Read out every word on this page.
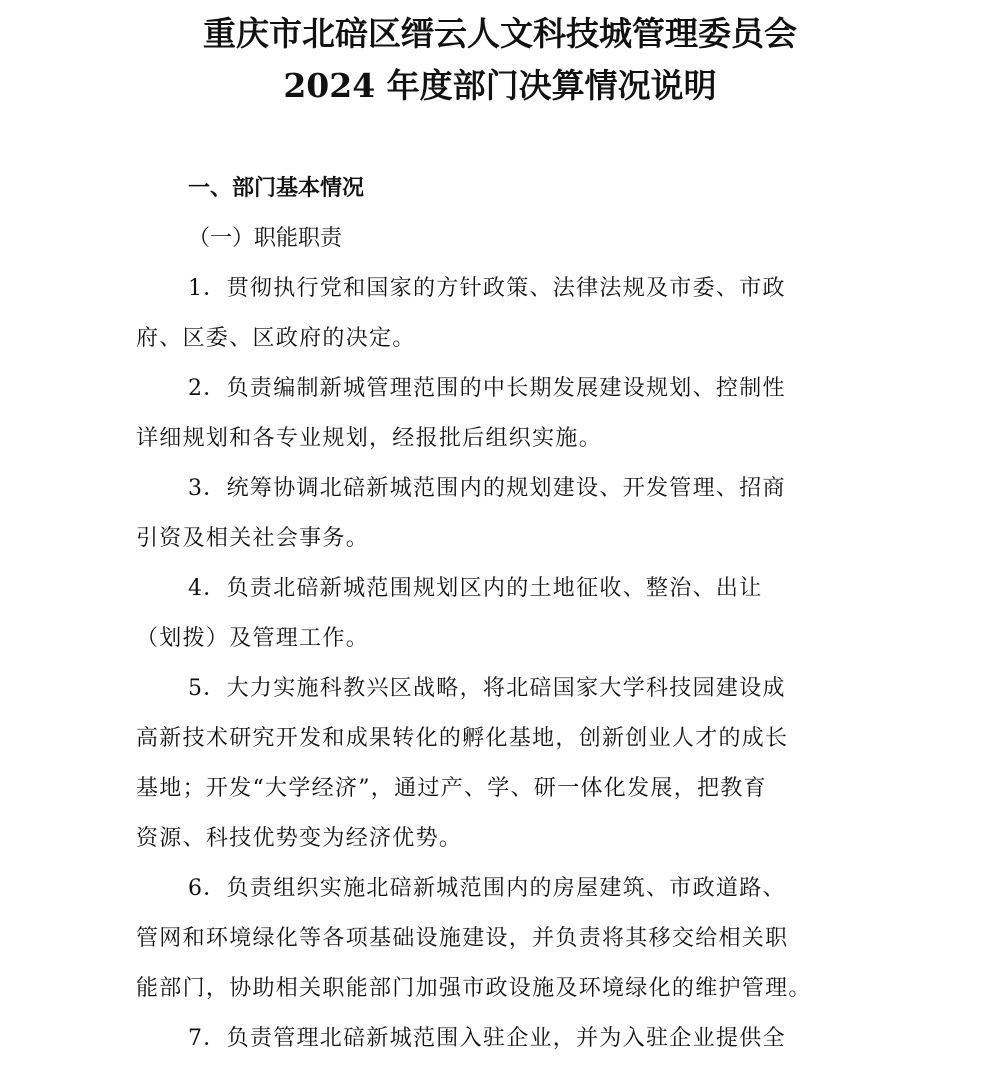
重庆市北碚区缙云人文科技城管理委员会
2024 年度部门决算情况说明
一、部门基本情况
（一）职能职责
1．贯彻执行党和国家的方针政策、法律法规及市委、市政
府、区委、区政府的决定。
2．负责编制新城管理范围的中长期发展建设规划、控制性
详细规划和各专业规划，经报批后组织实施。
3．统筹协调北碚新城范围内的规划建设、开发管理、招商
引资及相关社会事务。
4．负责北碚新城范围规划区内的土地征收、整治、出让
（划拨）及管理工作。
5．大力实施科教兴区战略，将北碚国家大学科技园建设成
高新技术研究开发和成果转化的孵化基地，创新创业人才的成长
基地；开发“大学经济”，通过产、学、研一体化发展，把教育
资源、科技优势变为经济优势。
6．负责组织实施北碚新城范围内的房屋建筑、市政道路、
管网和环境绿化等各项基础设施建设，并负责将其移交给相关职
能部门，协助相关职能部门加强市政设施及环境绿化的维护管理。
7．负责管理北碚新城范围入驻企业，并为入驻企业提供全
